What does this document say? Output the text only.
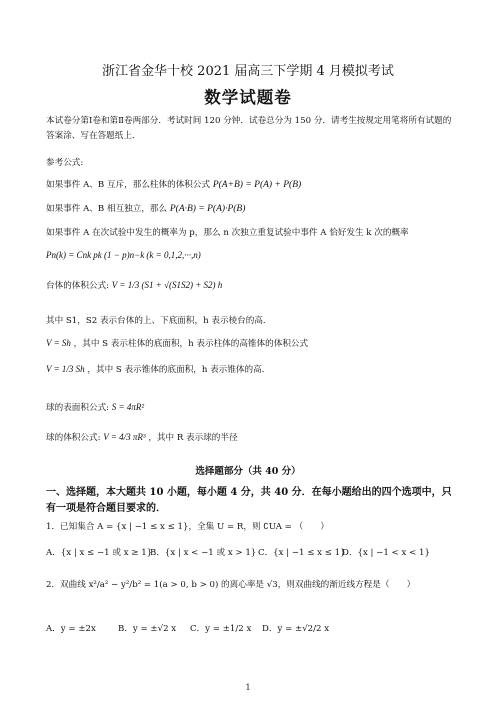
浙江省金华十校 2021 届高三下学期 4 月模拟考试
数学试题卷
本试卷分第Ⅰ卷和第Ⅱ卷两部分．考试时间 120 分钟．试卷总分为 150 分．请考生按规定用笔将所有试题的答案涂、写在答题纸上．
参考公式:
如果事件 A、B 互斥，那么柱体的体积公式 P(A+B) = P(A) + P(B)
如果事件 A、B 相互独立，那么 P(A·B) = P(A)·P(B)
如果事件 A 在次试验中发生的概率为 p，那么 n 次独立重复试验中事件 A 恰好发生 k 次的概率
Pn(k) = Cnk pk (1 − p)n−k (k = 0,1,2,···,n)
台体的体积公式: V = 1/3 (S1 + √(S1S2) + S2) h
其中 S1，S2 表示台体的上、下底面积，h 表示棱台的高．
V = Sh ，其中 S 表示柱体的底面积，h 表示柱体的高锥体的体积公式
V = 1/3 Sh ，其中 S 表示锥体的底面积，h 表示锥体的高．
球的表面积公式: S = 4πR²
球的体积公式: V = 4/3 πR³ ，其中 R 表示球的半径
选择题部分（共 40 分）
一、选择题，本大题共 10 小题，每小题 4 分，共 40 分．在每小题给出的四个选项中，只有一项是符合题目要求的．
1．已知集合 A = {x | −1 ≤ x ≤ 1}，全集 U = R，则 ∁UA = （　　）
A．{x | x ≤ −1 或 x ≥ 1}
B．{x | x < −1 或 x > 1} C．{x | −1 ≤ x ≤ 1}
D．{x | −1 < x < 1}
2．双曲线 x²/a² − y²/b² = 1(a > 0, b > 0) 的离心率是 √3，则双曲线的渐近线方程是（　　）
A．y = ±2x	B．y = ±√2 x C．y = ±1/2 x D．y = ±√2/2 x
1
